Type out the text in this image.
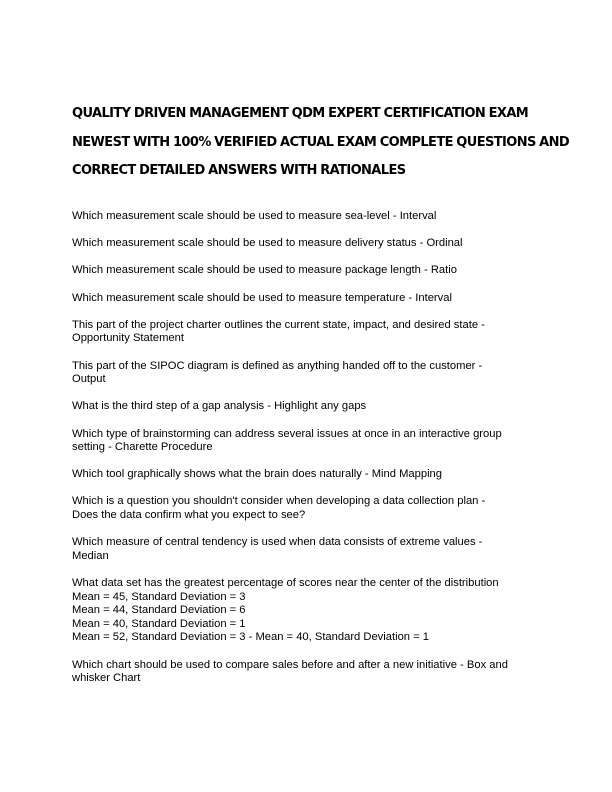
QUALITY DRIVEN MANAGEMENT QDM EXPERT CERTIFICATION EXAM
NEWEST WITH 100% VERIFIED ACTUAL EXAM COMPLETE QUESTIONS AND
CORRECT DETAILED ANSWERS WITH RATIONALES
Which measurement scale should be used to measure sea-level - Interval
Which measurement scale should be used to measure delivery status - Ordinal
Which measurement scale should be used to measure package length - Ratio
Which measurement scale should be used to measure temperature - Interval
This part of the project charter outlines the current state, impact, and desired state -
Opportunity Statement
This part of the SIPOC diagram is defined as anything handed off to the customer -
Output
What is the third step of a gap analysis - Highlight any gaps
Which type of brainstorming can address several issues at once in an interactive group
setting - Charette Procedure
Which tool graphically shows what the brain does naturally - Mind Mapping
Which is a question you shouldn't consider when developing a data collection plan -
Does the data confirm what you expect to see?
Which measure of central tendency is used when data consists of extreme values -
Median
What data set has the greatest percentage of scores near the center of the distribution
Mean = 45, Standard Deviation = 3
Mean = 44, Standard Deviation = 6
Mean = 40, Standard Deviation = 1
Mean = 52, Standard Deviation = 3 - Mean = 40, Standard Deviation = 1
Which chart should be used to compare sales before and after a new initiative - Box and
whisker Chart
